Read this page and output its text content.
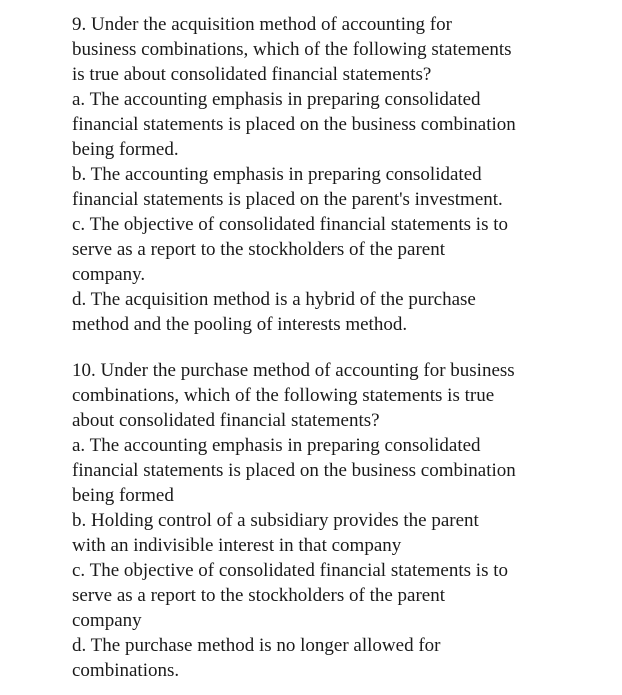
9. Under the acquisition method of accounting for
business combinations, which of the following statements
is true about consolidated financial statements?
a. The accounting emphasis in preparing consolidated
financial statements is placed on the business combination
being formed.
b. The accounting emphasis in preparing consolidated
financial statements is placed on the parent's investment.
c. The objective of consolidated financial statements is to
serve as a report to the stockholders of the parent
company.
d. The acquisition method is a hybrid of the purchase
method and the pooling of interests method.
10. Under the purchase method of accounting for business
combinations, which of the following statements is true
about consolidated financial statements?
a. The accounting emphasis in preparing consolidated
financial statements is placed on the business combination
being formed
b. Holding control of a subsidiary provides the parent
with an indivisible interest in that company
c. The objective of consolidated financial statements is to
serve as a report to the stockholders of the parent
company
d. The purchase method is no longer allowed for
combinations.
